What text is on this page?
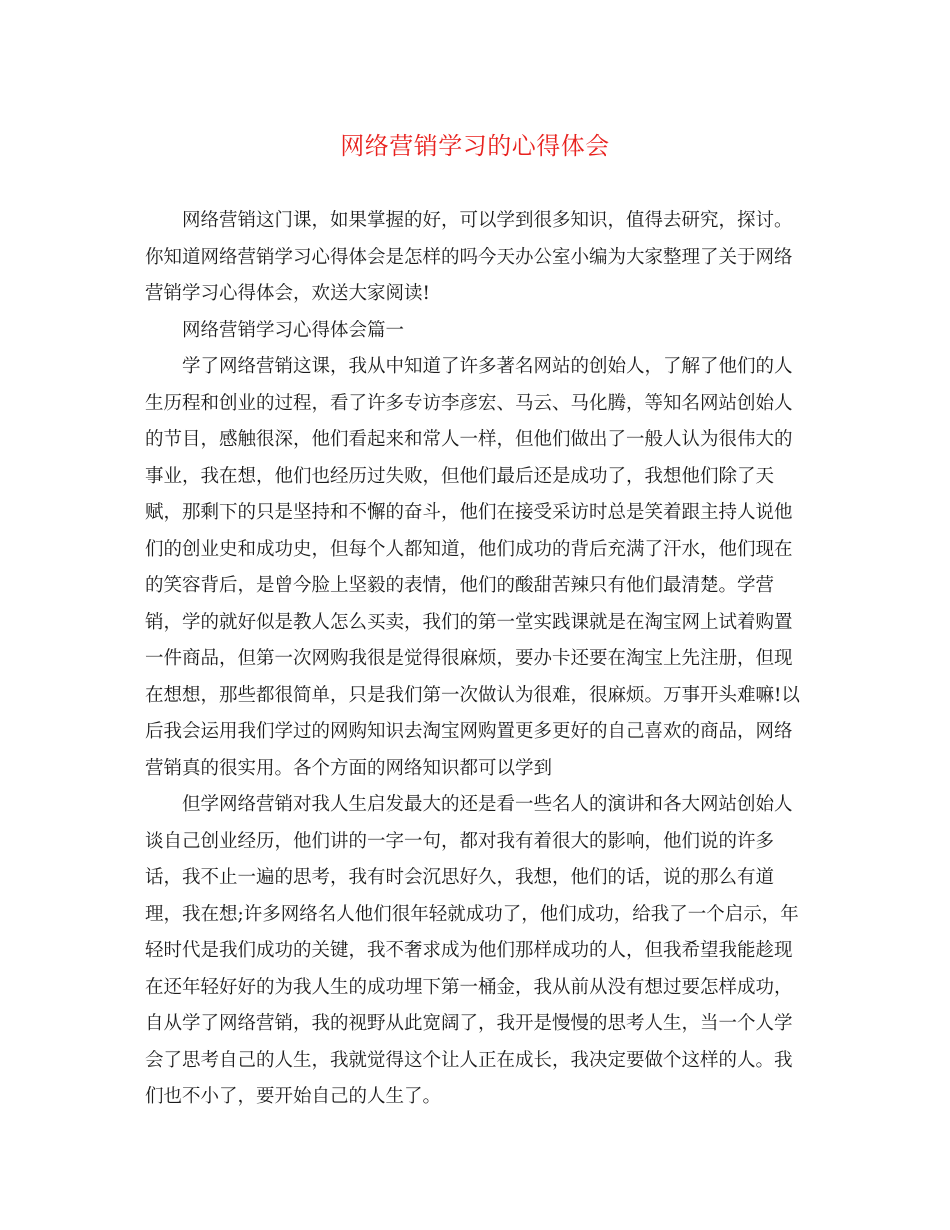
网络营销学习的心得体会
网络营销这门课，如果掌握的好，可以学到很多知识，值得去研究，探讨。
你知道网络营销学习心得体会是怎样的吗今天办公室小编为大家整理了关于网络
营销学习心得体会，欢送大家阅读!
网络营销学习心得体会篇一
学了网络营销这课，我从中知道了许多著名网站的创始人，了解了他们的人
生历程和创业的过程，看了许多专访李彦宏、马云、马化腾，等知名网站创始人
的节目，感触很深，他们看起来和常人一样，但他们做出了一般人认为很伟大的
事业，我在想，他们也经历过失败，但他们最后还是成功了，我想他们除了天
赋，那剩下的只是坚持和不懈的奋斗，他们在接受采访时总是笑着跟主持人说他
们的创业史和成功史，但每个人都知道，他们成功的背后充满了汗水，他们现在
的笑容背后，是曾今脸上坚毅的表情，他们的酸甜苦辣只有他们最清楚。学营
销，学的就好似是教人怎么买卖，我们的第一堂实践课就是在淘宝网上试着购置
一件商品，但第一次网购我很是觉得很麻烦，要办卡还要在淘宝上先注册，但现
在想想，那些都很简单，只是我们第一次做认为很难，很麻烦。万事开头难嘛!以
后我会运用我们学过的网购知识去淘宝网购置更多更好的自己喜欢的商品，网络
营销真的很实用。各个方面的网络知识都可以学到
但学网络营销对我人生启发最大的还是看一些名人的演讲和各大网站创始人
谈自己创业经历，他们讲的一字一句，都对我有着很大的影响，他们说的许多
话，我不止一遍的思考，我有时会沉思好久，我想，他们的话，说的那么有道
理，我在想;许多网络名人他们很年轻就成功了，他们成功，给我了一个启示，年
轻时代是我们成功的关键，我不奢求成为他们那样成功的人，但我希望我能趁现
在还年轻好好的为我人生的成功埋下第一桶金，我从前从没有想过要怎样成功，
自从学了网络营销，我的视野从此宽阔了，我开是慢慢的思考人生，当一个人学
会了思考自己的人生，我就觉得这个让人正在成长，我决定要做个这样的人。我
们也不小了，要开始自己的人生了。
